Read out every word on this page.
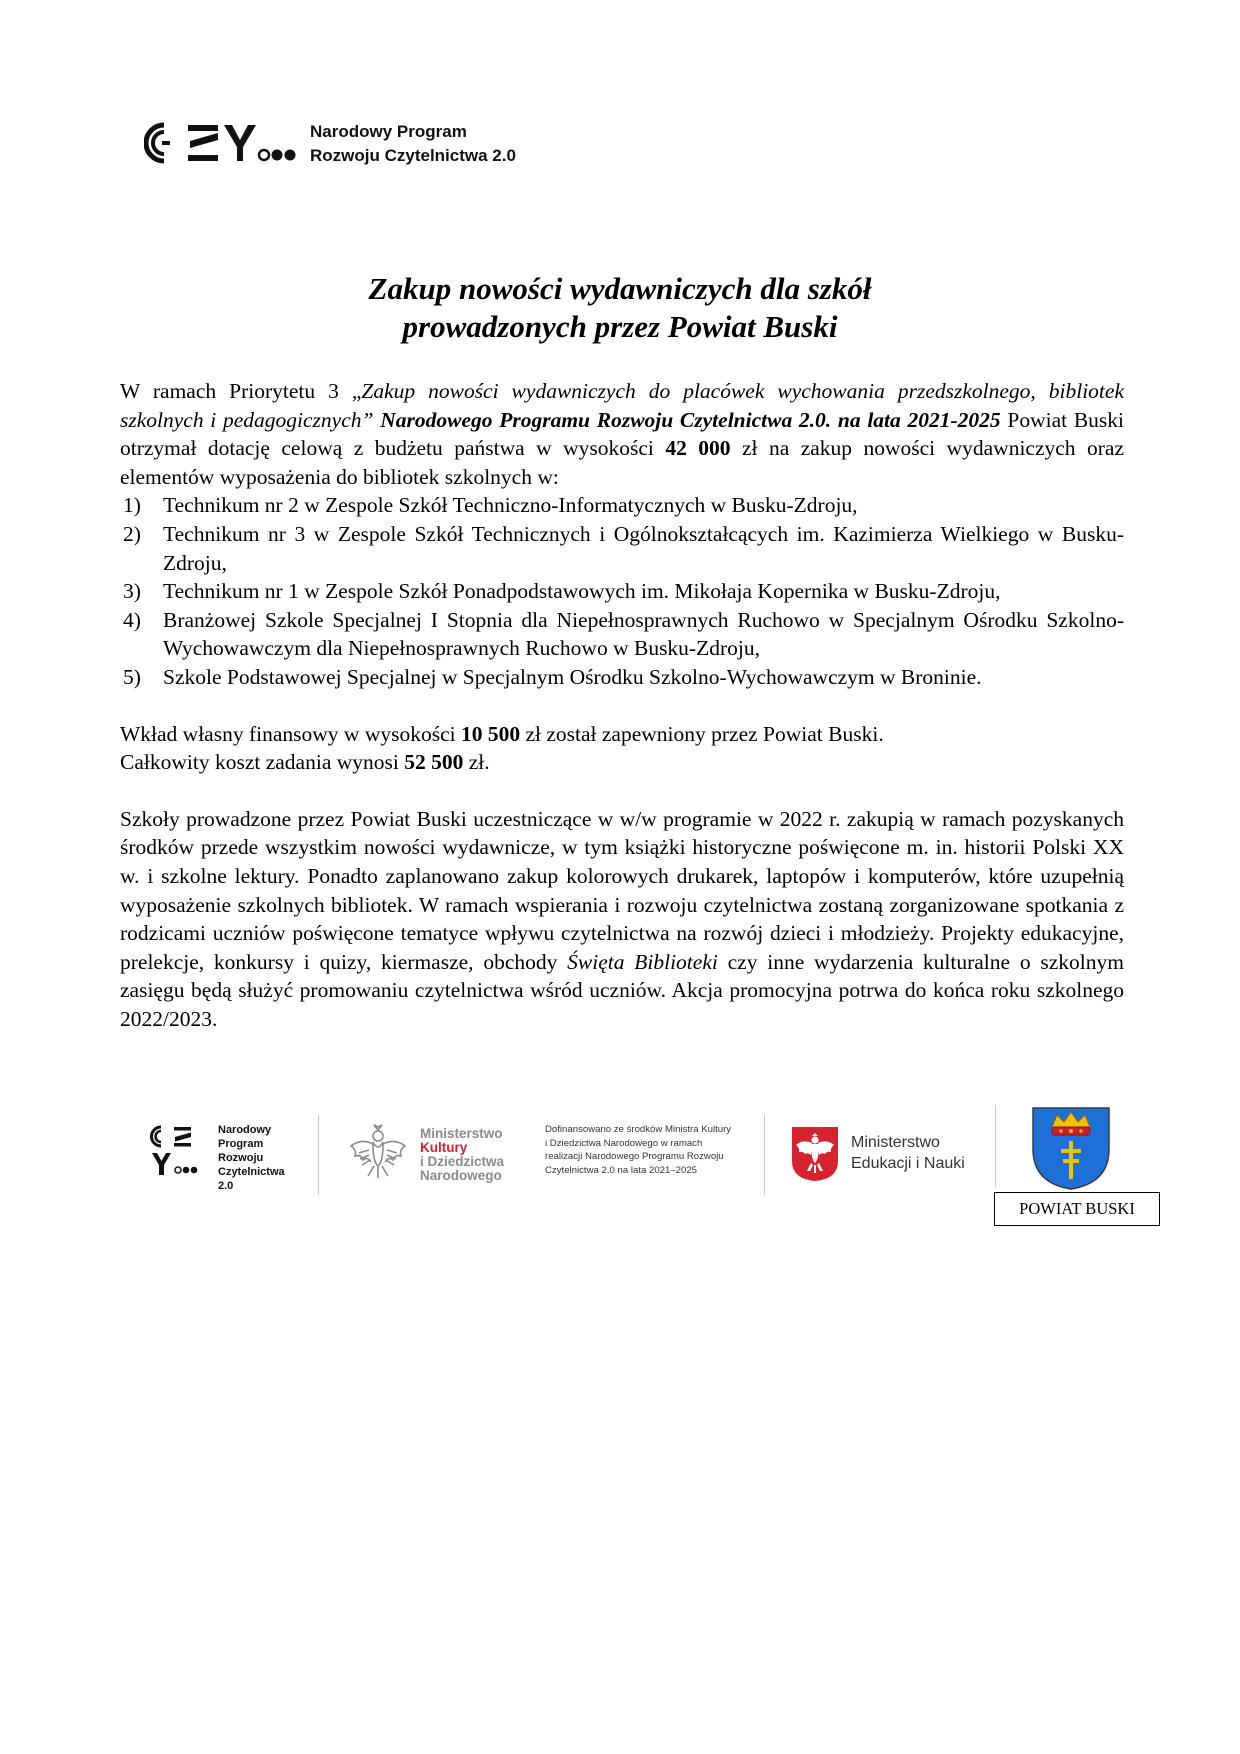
Narodowy Program
Rozwoju Czytelnictwa 2.0
Zakup nowości wydawniczych dla szkół
prowadzonych przez Powiat Buski

W ramach Priorytetu 3 „Zakup nowości wydawniczych do placówek wychowania przedszkolnego, bibliotek szkolnych i pedagogicznych” Narodowego Programu Rozwoju Czytelnictwa 2.0. na lata 2021-2025 Powiat Buski otrzymał dotację celową z budżetu państwa w wysokości 42 000 zł na zakup nowości wydawniczych oraz elementów wyposażenia do bibliotek szkolnych w:

1) Technikum nr 2 w Zespole Szkół Techniczno-Informatycznych w Busku-Zdroju,
2) Technikum nr 3 w Zespole Szkół Technicznych i Ogólnokształcących im. Kazimierza Wielkiego w Busku-Zdroju,
3) Technikum nr 1 w Zespole Szkół Ponadpodstawowych im. Mikołaja Kopernika w Busku-Zdroju,
4) Branżowej Szkole Specjalnej I Stopnia dla Niepełnosprawnych Ruchowo w Specjalnym Ośrodku Szkolno-Wychowawczym dla Niepełnosprawnych Ruchowo w Busku-Zdroju,
5) Szkole Podstawowej Specjalnej w Specjalnym Ośrodku Szkolno-Wychowawczym w Broninie.

Wkład własny finansowy w wysokości 10 500 zł został zapewniony przez Powiat Buski.

Całkowity koszt zadania wynosi 52 500 zł.

Szkoły prowadzone przez Powiat Buski uczestniczące w w/w programie w 2022 r. zakupią w ramach pozyskanych środków przede wszystkim nowości wydawnicze, w tym książki historyczne poświęcone m. in. historii Polski XX w. i szkolne lektury. Ponadto zaplanowano zakup kolorowych drukarek, laptopów i komputerów, które uzupełnią wyposażenie szkolnych bibliotek. W ramach wspierania i rozwoju czytelnictwa zostaną zorganizowane spotkania z rodzicami uczniów poświęcone tematyce wpływu czytelnictwa na rozwój dzieci i młodzieży. Projekty edukacyjne, prelekcje, konkursy i quizy, kiermasze, obchody Święta Biblioteki czy inne wydarzenia kulturalne o szkolnym zasięgu będą służyć promowaniu czytelnictwa wśród uczniów. Akcja promocyjna potrwa do końca roku szkolnego 2022/2023.

Narodowy
Program
Rozwoju
Czytelnictwa
2.0
Ministerstwo
Kultury
i Dziedzictwa
Narodowego
Dofinansowano ze środków Ministra Kultury
i Dziedzictwa Narodowego w ramach
realizacji Narodowego Programu Rozwoju
Czytelnictwa 2.0 na lata 2021–2025
Ministerstwo
Edukacji i Nauki
POWIAT BUSKI
